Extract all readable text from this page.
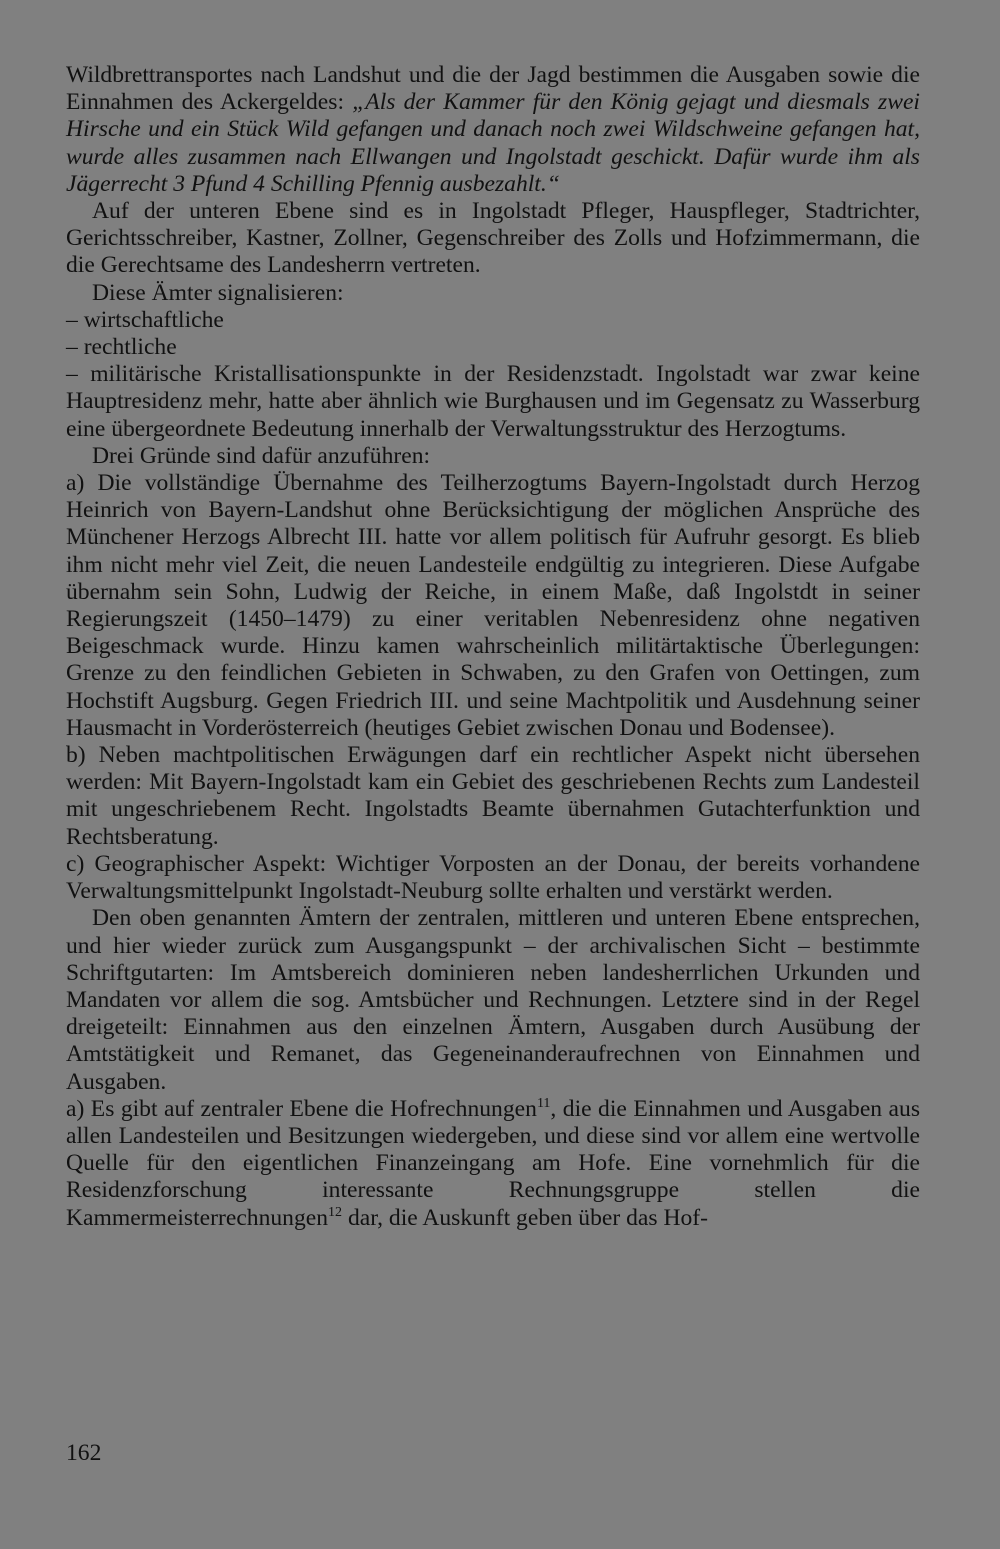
Wildbrettransportes nach Landshut und die der Jagd bestimmen die Ausgaben sowie die Einnahmen des Ackergeldes: „Als der Kammer für den König gejagt und diesmals zwei Hirsche und ein Stück Wild gefangen und danach noch zwei Wildschweine gefangen hat, wurde alles zusammen nach Ellwangen und Ingolstadt geschickt. Dafür wurde ihm als Jägerrecht 3 Pfund 4 Schilling Pfennig ausbezahlt.“

Auf der unteren Ebene sind es in Ingolstadt Pfleger, Hauspfleger, Stadtrichter, Gerichtsschreiber, Kastner, Zollner, Gegenschreiber des Zolls und Hofzimmermann, die die Gerechtsame des Landesherrn vertreten.

Diese Ämter signalisieren:

– wirtschaftliche

– rechtliche

– militärische Kristallisationspunkte in der Residenzstadt. Ingolstadt war zwar keine Hauptresidenz mehr, hatte aber ähnlich wie Burghausen und im Gegensatz zu Wasserburg eine übergeordnete Bedeutung innerhalb der Verwaltungsstruktur des Herzogtums.

Drei Gründe sind dafür anzuführen:

a) Die vollständige Übernahme des Teilherzogtums Bayern-Ingolstadt durch Herzog Heinrich von Bayern-Landshut ohne Berücksichtigung der möglichen Ansprüche des Münchener Herzogs Albrecht III. hatte vor allem politisch für Aufruhr gesorgt. Es blieb ihm nicht mehr viel Zeit, die neuen Landesteile endgültig zu integrieren. Diese Aufgabe übernahm sein Sohn, Ludwig der Reiche, in einem Maße, daß Ingolstdt in seiner Regierungszeit (1450–1479) zu einer veritablen Nebenresidenz ohne negativen Beigeschmack wurde. Hinzu kamen wahrscheinlich militärtaktische Überlegungen: Grenze zu den feindlichen Gebieten in Schwaben, zu den Grafen von Oettingen, zum Hochstift Augsburg. Gegen Friedrich III. und seine Machtpolitik und Ausdehnung seiner Hausmacht in Vorderösterreich (heutiges Gebiet zwischen Donau und Bodensee).

b) Neben machtpolitischen Erwägungen darf ein rechtlicher Aspekt nicht übersehen werden: Mit Bayern-Ingolstadt kam ein Gebiet des geschriebenen Rechts zum Landesteil mit ungeschriebenem Recht. Ingolstadts Beamte übernahmen Gutachterfunktion und Rechtsberatung.

c) Geographischer Aspekt: Wichtiger Vorposten an der Donau, der bereits vorhandene Verwaltungsmittelpunkt Ingolstadt-Neuburg sollte erhalten und verstärkt werden.

Den oben genannten Ämtern der zentralen, mittleren und unteren Ebene entsprechen, und hier wieder zurück zum Ausgangspunkt – der archivalischen Sicht – bestimmte Schriftgutarten: Im Amtsbereich dominieren neben landesherrlichen Urkunden und Mandaten vor allem die sog. Amtsbücher und Rechnungen. Letztere sind in der Regel dreigeteilt: Einnahmen aus den einzelnen Ämtern, Ausgaben durch Ausübung der Amtstätigkeit und Remanet, das Gegeneinanderaufrechnen von Einnahmen und Ausgaben.

a) Es gibt auf zentraler Ebene die Hofrechnungen$^{11}$, die die Einnahmen und Ausgaben aus allen Landesteilen und Besitzungen wiedergeben, und diese sind vor allem eine wertvolle Quelle für den eigentlichen Finanzeingang am Hofe. Eine vornehmlich für die Residenzforschung interessante Rechnungsgruppe stellen die Kammermeisterrechnungen$^{12}$ dar, die Auskunft geben über das Hof-

162
